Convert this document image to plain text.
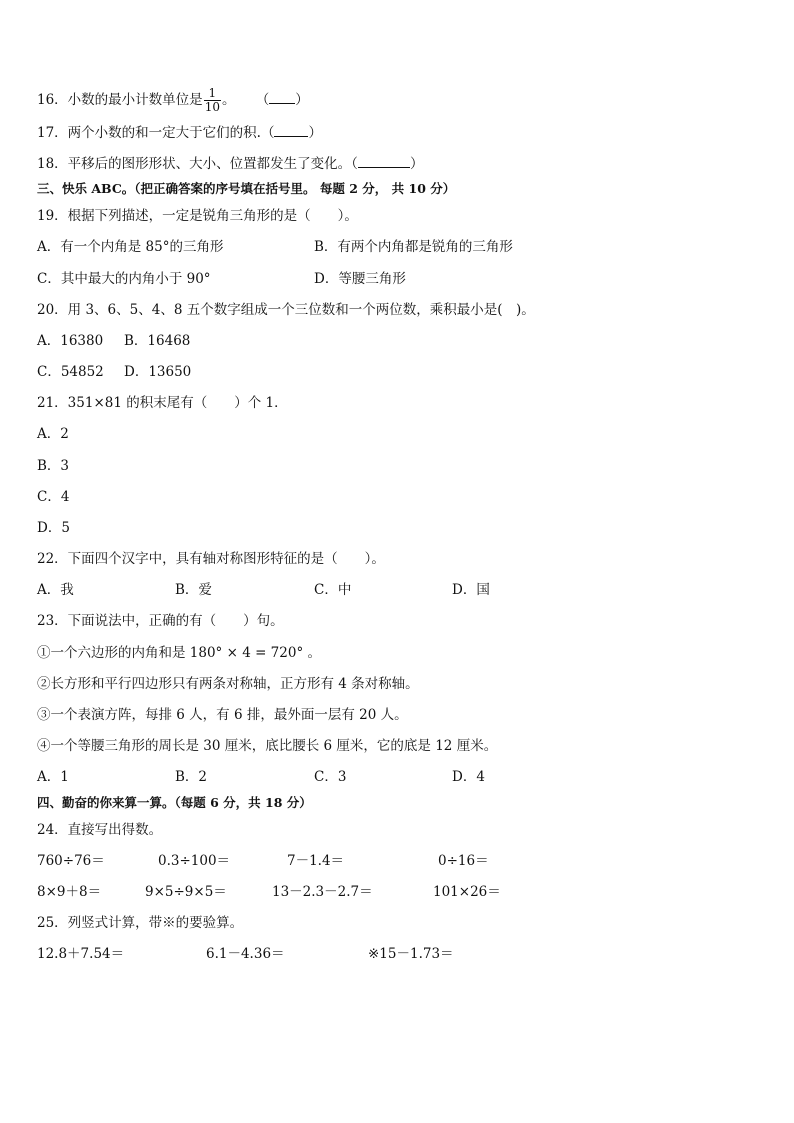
16．小数的最小计数单位是 $\frac{1}{10}$ 。 （ ）
17．两个小数的和一定大于它们的积.（	）
18．平移后的图形形状、大小、位置都发生了变化。（	）
三、快乐 ABC。（把正确答案的序号填在括号里。 每题 2 分， 共 10 分）
19．根据下列描述，一定是锐角三角形的是（　　）。
A．有一个内角是 85°的三角形	B．有两个内角都是锐角的三角形
C．其中最大的内角小于 90°	D．等腰三角形
20．用 3、6、5、4、8 五个数字组成一个三位数和一个两位数，乘积最小是(　)。
A．16380 B．16468
C．54852 D．13650
21．351×81 的积末尾有（　　）个 1．
A．2
B．3
C．4
D．5
22．下面四个汉字中，具有轴对称图形特征的是（　　）。
A．我	B．爱	C．中	D．国
23．下面说法中，正确的有（　　）句。
①一个六边形的内角和是 180° × 4 = 720° 。
②长方形和平行四边形只有两条对称轴，正方形有 4 条对称轴。
③一个表演方阵，每排 6 人，有 6 排，最外面一层有 20 人。
④一个等腰三角形的周长是 30 厘米，底比腰长 6 厘米，它的底是 12 厘米。
A．1	B．2	C．3	D．4
四、勤奋的你来算一算。（每题 6 分，共 18 分）
24．直接写出得数。
760÷76＝	0.3÷100＝	7－1.4＝	0÷16＝
8×9＋8＝	9×5÷9×5＝	13－2.3－2.7＝	101×26＝
25．列竖式计算，带※的要验算。
12.8＋7.54＝	6.1－4.36＝	※15－1.73＝
